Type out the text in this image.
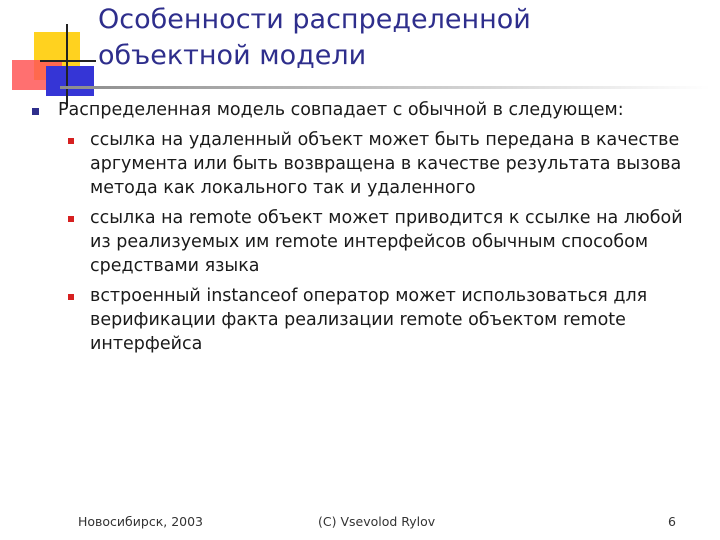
Особенности распределенной
объектной модели
Распределенная модель совпадает с обычной в следующем:
ссылка на удаленный объект может быть передана в качестве аргумента или быть возвращена в качестве результата вызова метода как локального так и удаленного
ссылка на remote объект может приводится к ссылке на любой из реализуемых им remote интерфейсов обычным способом средствами языка
встроенный instanceof оператор может использоваться для верификации факта реализации remote объектом remote интерфейса
Новосибирск, 2003	(C) Vsevolod Rylov	6
